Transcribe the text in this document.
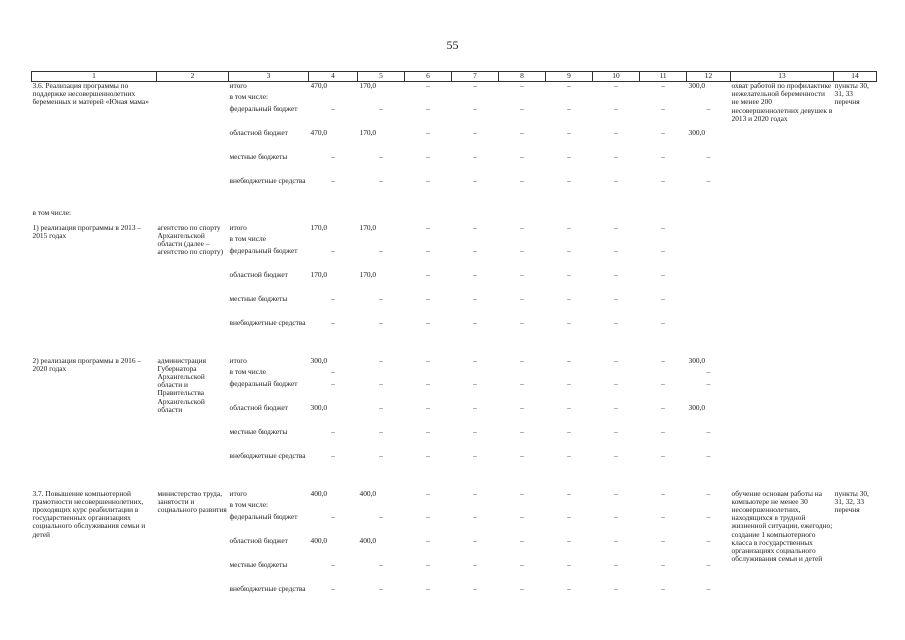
55
1	2	3	4	5	6	7	8	9	10	11	12	13	14
3.6. Реализация программы по поддержке несовершеннолетних беременных и матерей «Юная мама»		итого	470,0	170,0	–	–	–	–	–	–	300,0	охват работой по профилактике нежелательной беременности не менее 200 несовершеннолетних девушек в 2013 и 2020 годах	пункты 30, 31, 33 перечня
		в том числе:											
		федеральный бюджет	–	–	–	–	–	–	–	–	–		
		областной бюджет	470,0	170,0	–	–	–	–	–	–	300,0		
		местные бюджеты	–	–	–	–	–	–	–	–	–		
		внебюджетные средства	–	–	–	–	–	–	–	–	–		

в том числе:													
1) реализация программы в 2013 – 2015 годах	агентство по спорту Архангельской области (далее – агентство по спорту)	итого	170,0	170,0	–	–	–	–	–	–			
		в том числе											
		федеральный бюджет	–	–	–	–	–	–	–	–			
		областной бюджет	170,0	170,0	–	–	–	–	–	–			
		местные бюджеты	–	–	–	–	–	–	–	–			
		внебюджетные средства	–	–	–	–	–	–	–	–			

2) реализация программы в 2016 – 2020 годах	администрация Губернатора Архангельской области и Правительства Архангельской области	итого	300,0	–	–	–	–	–	–	–	300,0		
		в том числе	–								–		
		федеральный бюджет	–	–	–	–	–	–	–	–	–		
		областной бюджет	300,0	–	–	–	–	–	–	–	300,0		
		местные бюджеты	–	–	–	–	–	–	–	–	–		
		внебюджетные средства	–	–	–	–	–	–	–	–	–		

3.7. Повышение компьютерной грамотности несовершеннолетних, проходящих курс реабилитации в государственных организациях социального обслуживания семьи и детей	министерство труда, занятости и социального развития	итого	400,0	400,0	–	–	–	–	–	–	–	обучение основам работы на компьютере не менее 30 несовершеннолетних, находящихся в трудной жизненной ситуации, ежегодно; создание 1 компьютерного класса в государственных организациях социального обслуживания семьи и детей	пункты 30, 31, 32, 33 перечня
		в том числе:											
		федеральный бюджет	–	–	–	–	–	–	–	–	–		
		областной бюджет	400,0	400,0	–	–	–	–	–	–	–		
		местные бюджеты	–	–	–	–	–	–	–	–	–		
		внебюджетные средства	–	–	–	–	–	–	–	–	–		
